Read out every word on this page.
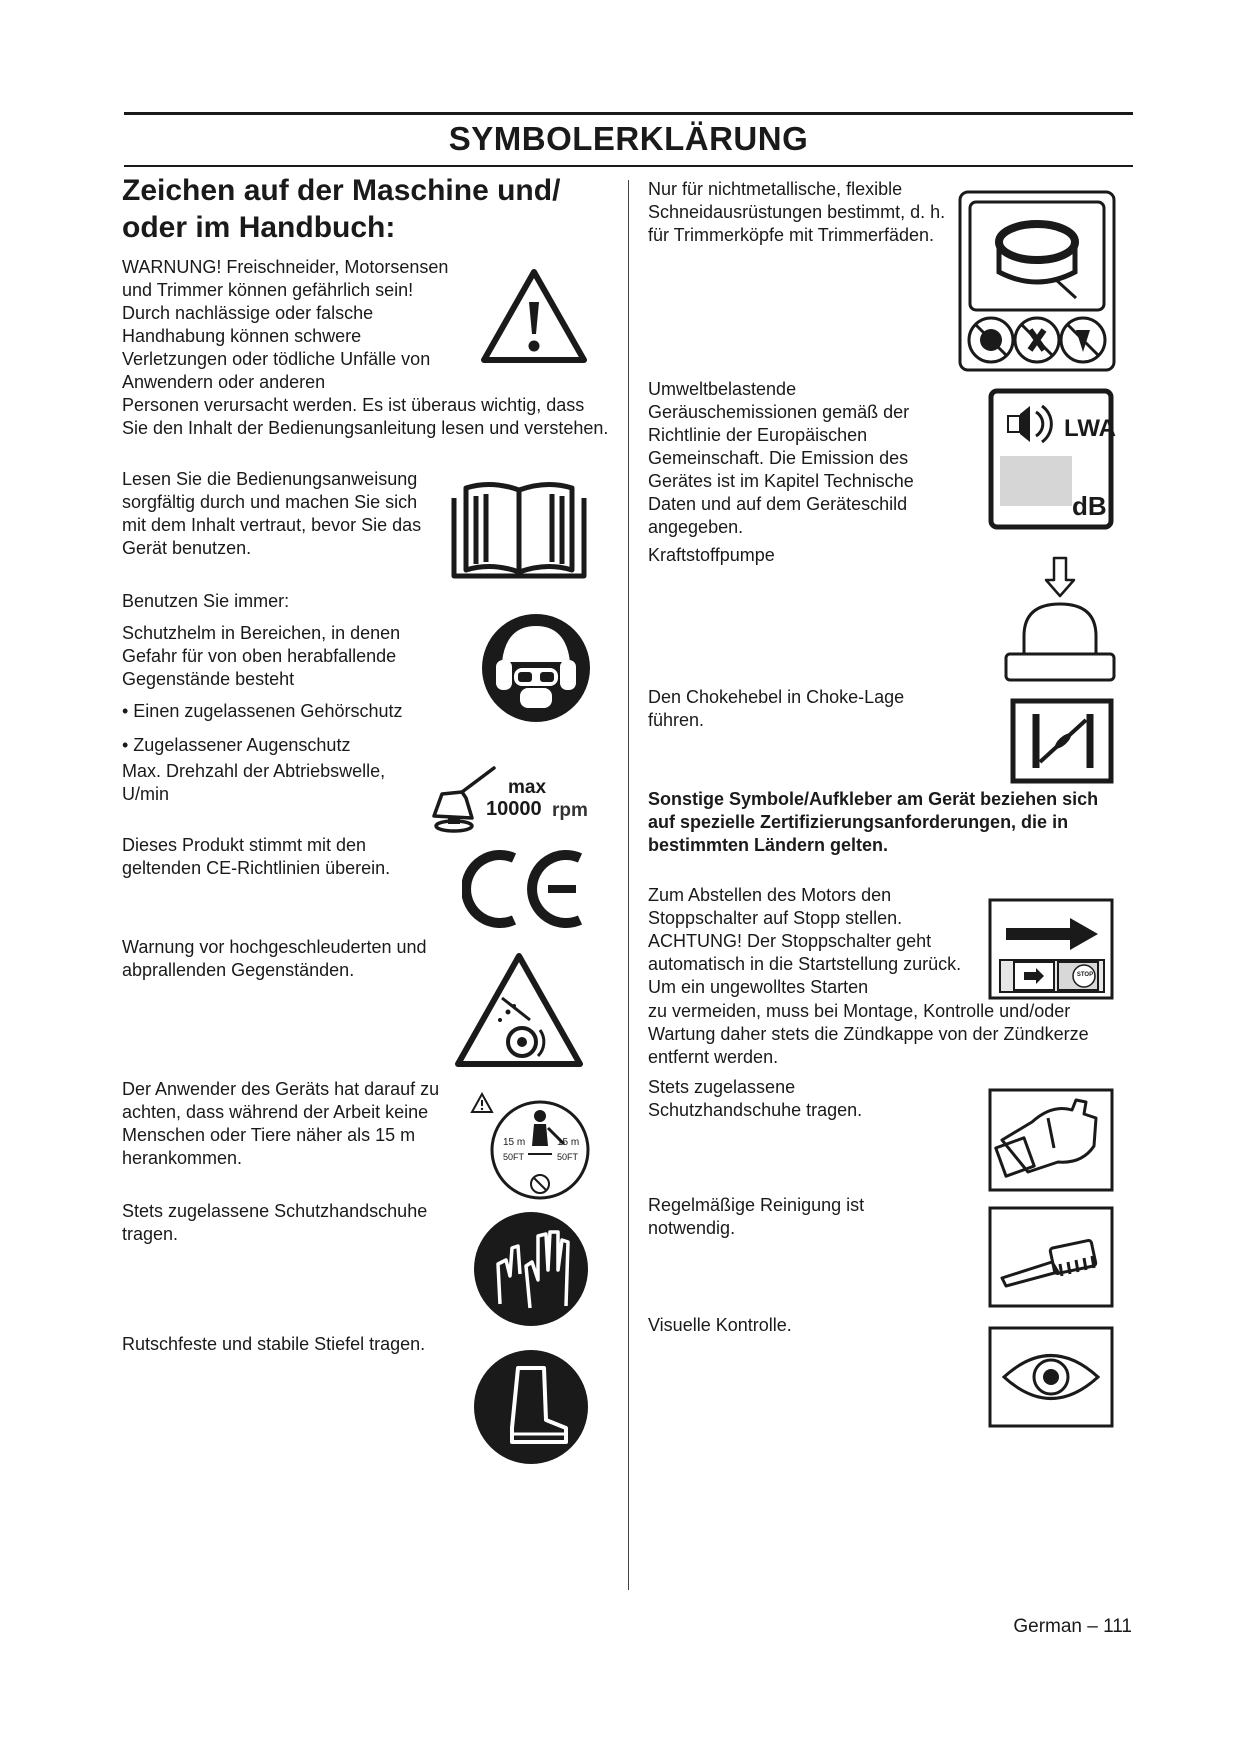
SYMBOLERKLÄRUNG
Zeichen auf der Maschine und/ oder im Handbuch:
WARNUNG! Freischneider, Motorsensen und Trimmer können gefährlich sein! Durch nachlässige oder falsche Handhabung können schwere Verletzungen oder tödliche Unfälle von Anwendern oder anderen
Personen verursacht werden. Es ist überaus wichtig, dass Sie den Inhalt der Bedienungsanleitung lesen und verstehen.
Lesen Sie die Bedienungsanweisung sorgfältig durch und machen Sie sich mit dem Inhalt vertraut, bevor Sie das Gerät benutzen.
Benutzen Sie immer:
Schutzhelm in Bereichen, in denen Gefahr für von oben herabfallende Gegenstände besteht
• Einen zugelassenen Gehörschutz
• Zugelassener Augenschutz
Max. Drehzahl der Abtriebswelle, U/min	max
10000 rpm
Dieses Produkt stimmt mit den geltenden CE-Richtlinien überein.
Warnung vor hochgeschleuderten und abprallenden Gegenständen.
Der Anwender des Geräts hat darauf zu achten, dass während der Arbeit keine Menschen oder Tiere näher als 15 m herankommen.
15 m	15 m
50FT	50FT
Stets zugelassene Schutzhandschuhe tragen.
Rutschfeste und stabile Stiefel tragen.
Nur für nichtmetallische, flexible Schneidausrüstungen bestimmt, d. h. für Trimmerköpfe mit Trimmerfäden.
Umweltbelastende Geräuschemissionen gemäß der Richtlinie der Europäischen Gemeinschaft. Die Emission des Gerätes ist im Kapitel Technische Daten und auf dem Geräteschild angegeben.
LWA
dB
Kraftstoffpumpe
Den Chokehebel in Choke-Lage führen.
Sonstige Symbole/Aufkleber am Gerät beziehen sich auf spezielle Zertifizierungsanforderungen, die in bestimmten Ländern gelten.
Zum Abstellen des Motors den Stoppschalter auf Stopp stellen. ACHTUNG! Der Stoppschalter geht automatisch in die Startstellung zurück. Um ein ungewolltes Starten
zu vermeiden, muss bei Montage, Kontrolle und/oder Wartung daher stets die Zündkappe von der Zündkerze entfernt werden.
STOP
Stets zugelassene Schutzhandschuhe tragen.
Regelmäßige Reinigung ist notwendig.
Visuelle Kontrolle.
German – 111
